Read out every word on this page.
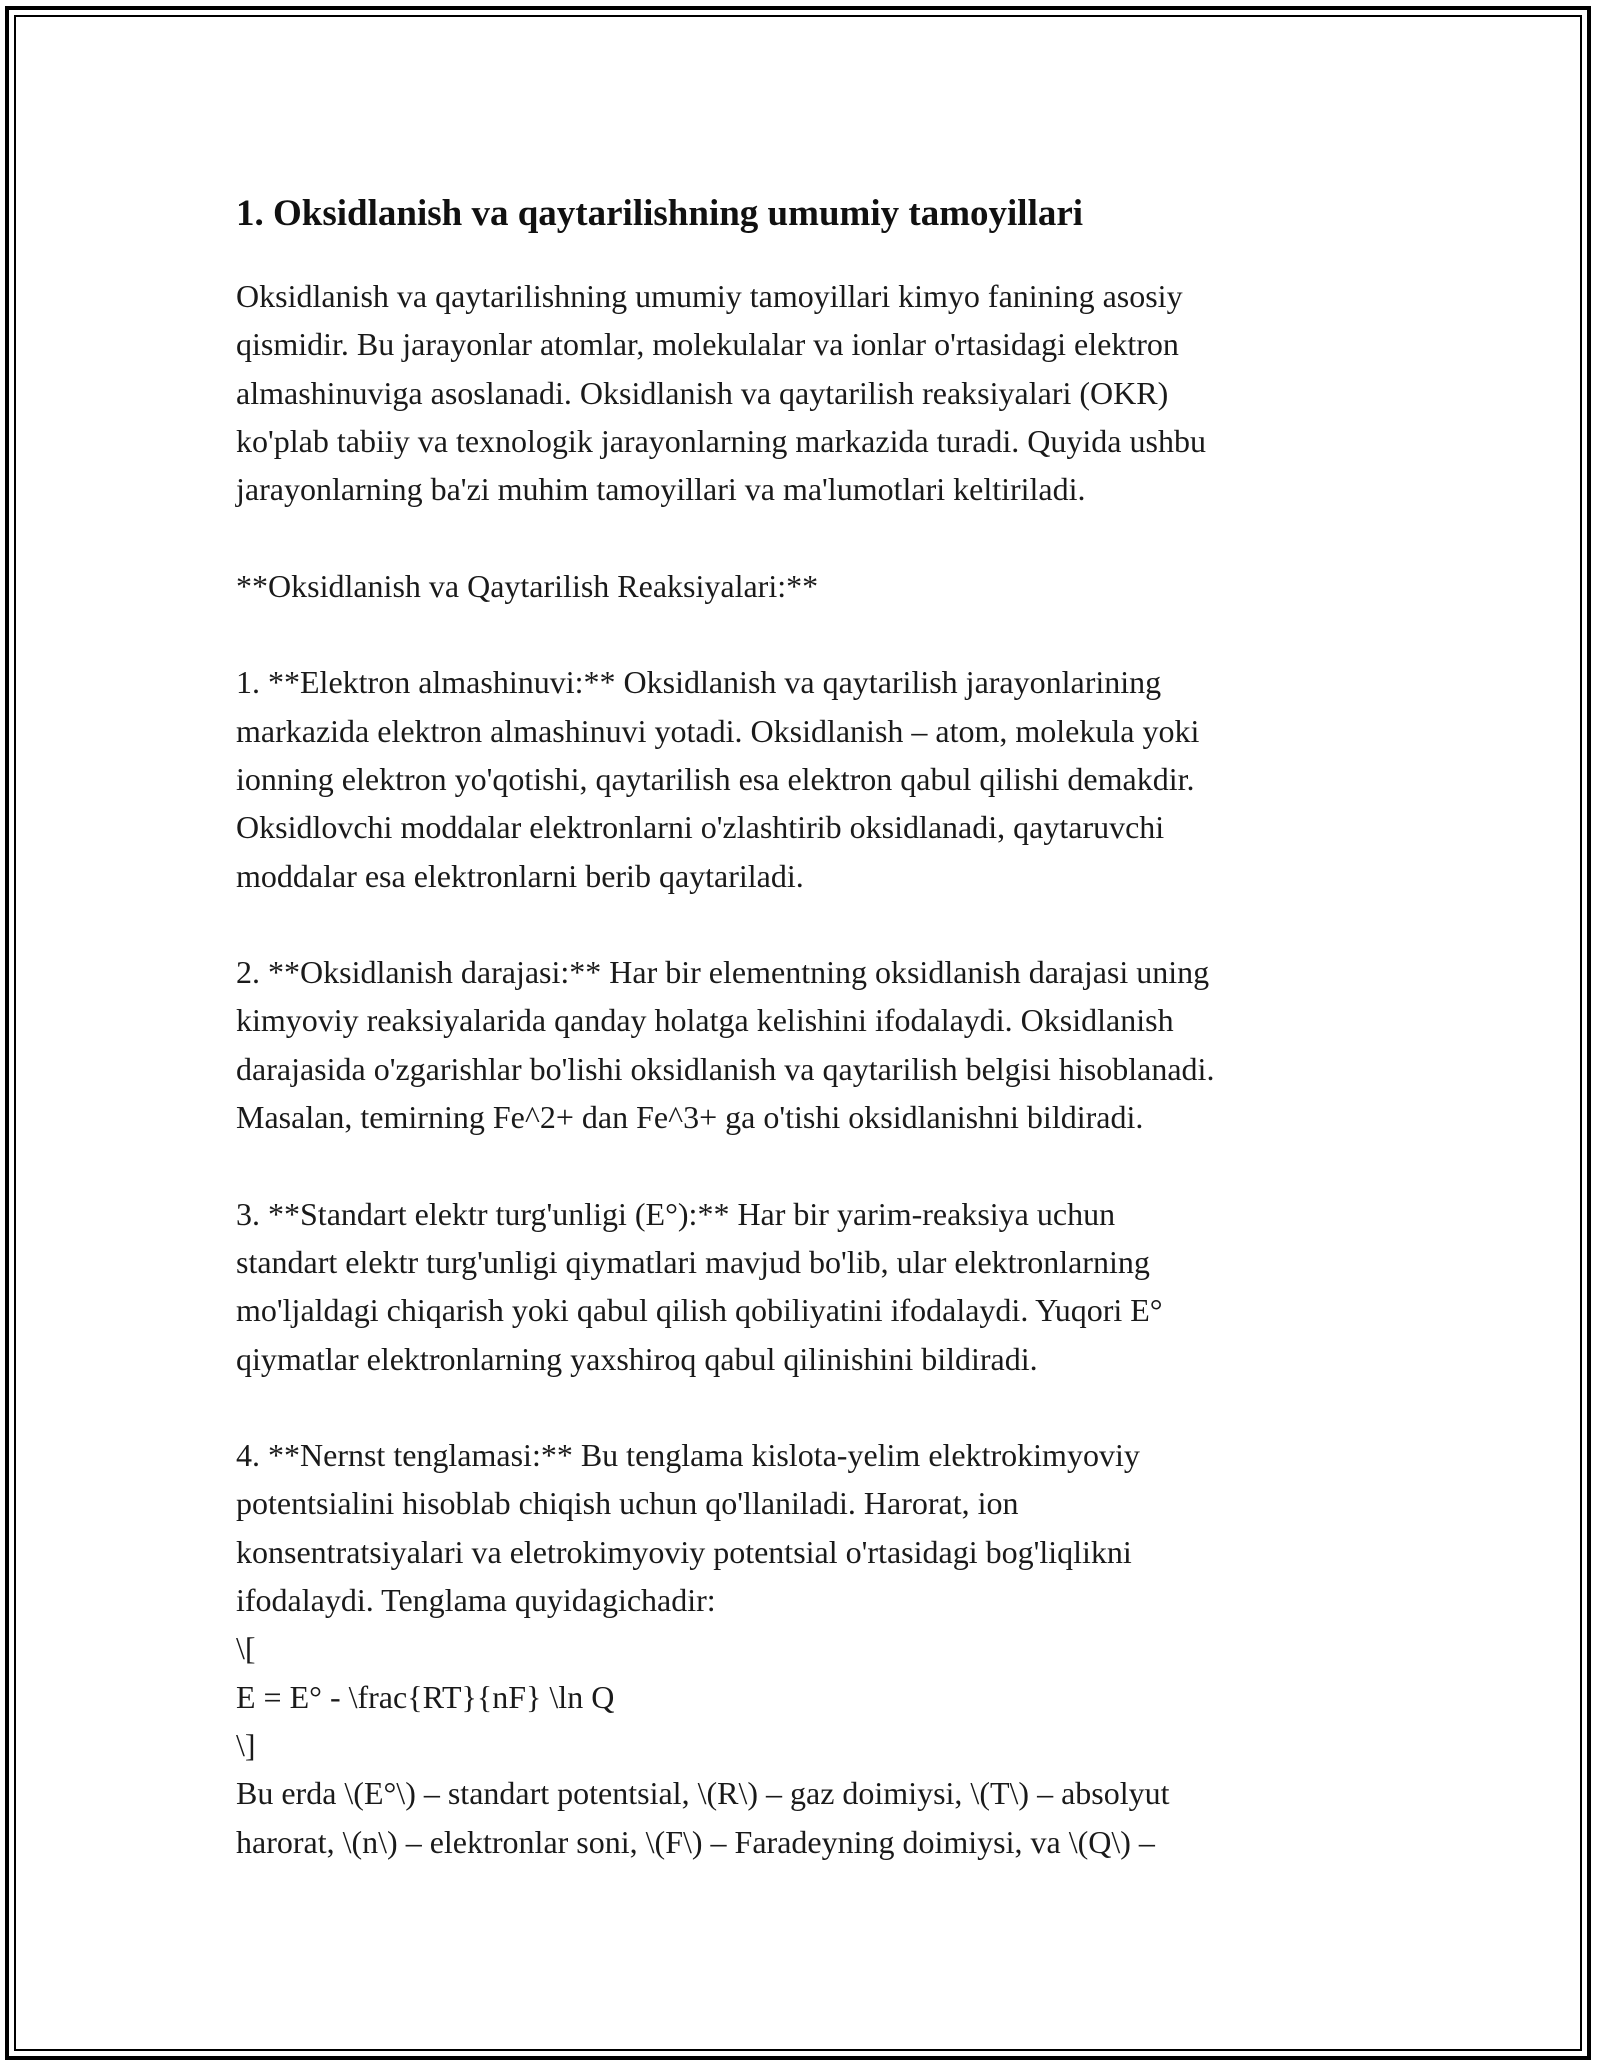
1. Oksidlanish va qaytarilishning umumiy tamoyillari

Oksidlanish va qaytarilishning umumiy tamoyillari kimyo fanining asosiy
qismidir. Bu jarayonlar atomlar, molekulalar va ionlar o'rtasidagi elektron
almashinuviga asoslanadi. Oksidlanish va qaytarilish reaksiyalari (OKR)
ko'plab tabiiy va texnologik jarayonlarning markazida turadi. Quyida ushbu
jarayonlarning ba'zi muhim tamoyillari va ma'lumotlari keltiriladi.

**Oksidlanish va Qaytarilish Reaksiyalari:**

1. **Elektron almashinuvi:** Oksidlanish va qaytarilish jarayonlarining
markazida elektron almashinuvi yotadi. Oksidlanish – atom, molekula yoki
ionning elektron yo'qotishi, qaytarilish esa elektron qabul qilishi demakdir.
Oksidlovchi moddalar elektronlarni o'zlashtirib oksidlanadi, qaytaruvchi
moddalar esa elektronlarni berib qaytariladi.

2. **Oksidlanish darajasi:** Har bir elementning oksidlanish darajasi uning
kimyoviy reaksiyalarida qanday holatga kelishini ifodalaydi. Oksidlanish
darajasida o'zgarishlar bo'lishi oksidlanish va qaytarilish belgisi hisoblanadi.
Masalan, temirning Fe^2+ dan Fe^3+ ga o'tishi oksidlanishni bildiradi.

3. **Standart elektr turg'unligi (E°):** Har bir yarim-reaksiya uchun
standart elektr turg'unligi qiymatlari mavjud bo'lib, ular elektronlarning
mo'ljaldagi chiqarish yoki qabul qilish qobiliyatini ifodalaydi. Yuqori E°
qiymatlar elektronlarning yaxshiroq qabul qilinishini bildiradi.

4. **Nernst tenglamasi:** Bu tenglama kislota-yelim elektrokimyoviy
potentsialini hisoblab chiqish uchun qo'llaniladi. Harorat, ion
konsentratsiyalari va eletrokimyoviy potentsial o'rtasidagi bog'liqlikni
ifodalaydi. Tenglama quyidagichadir:
\[
E = E° - \frac{RT}{nF} \ln Q
\]
Bu erda \(E°\) – standart potentsial, \(R\) – gaz doimiysi, \(T\) – absolyut
harorat, \(n\) – elektronlar soni, \(F\) – Faradeyning doimiysi, va \(Q\) –
